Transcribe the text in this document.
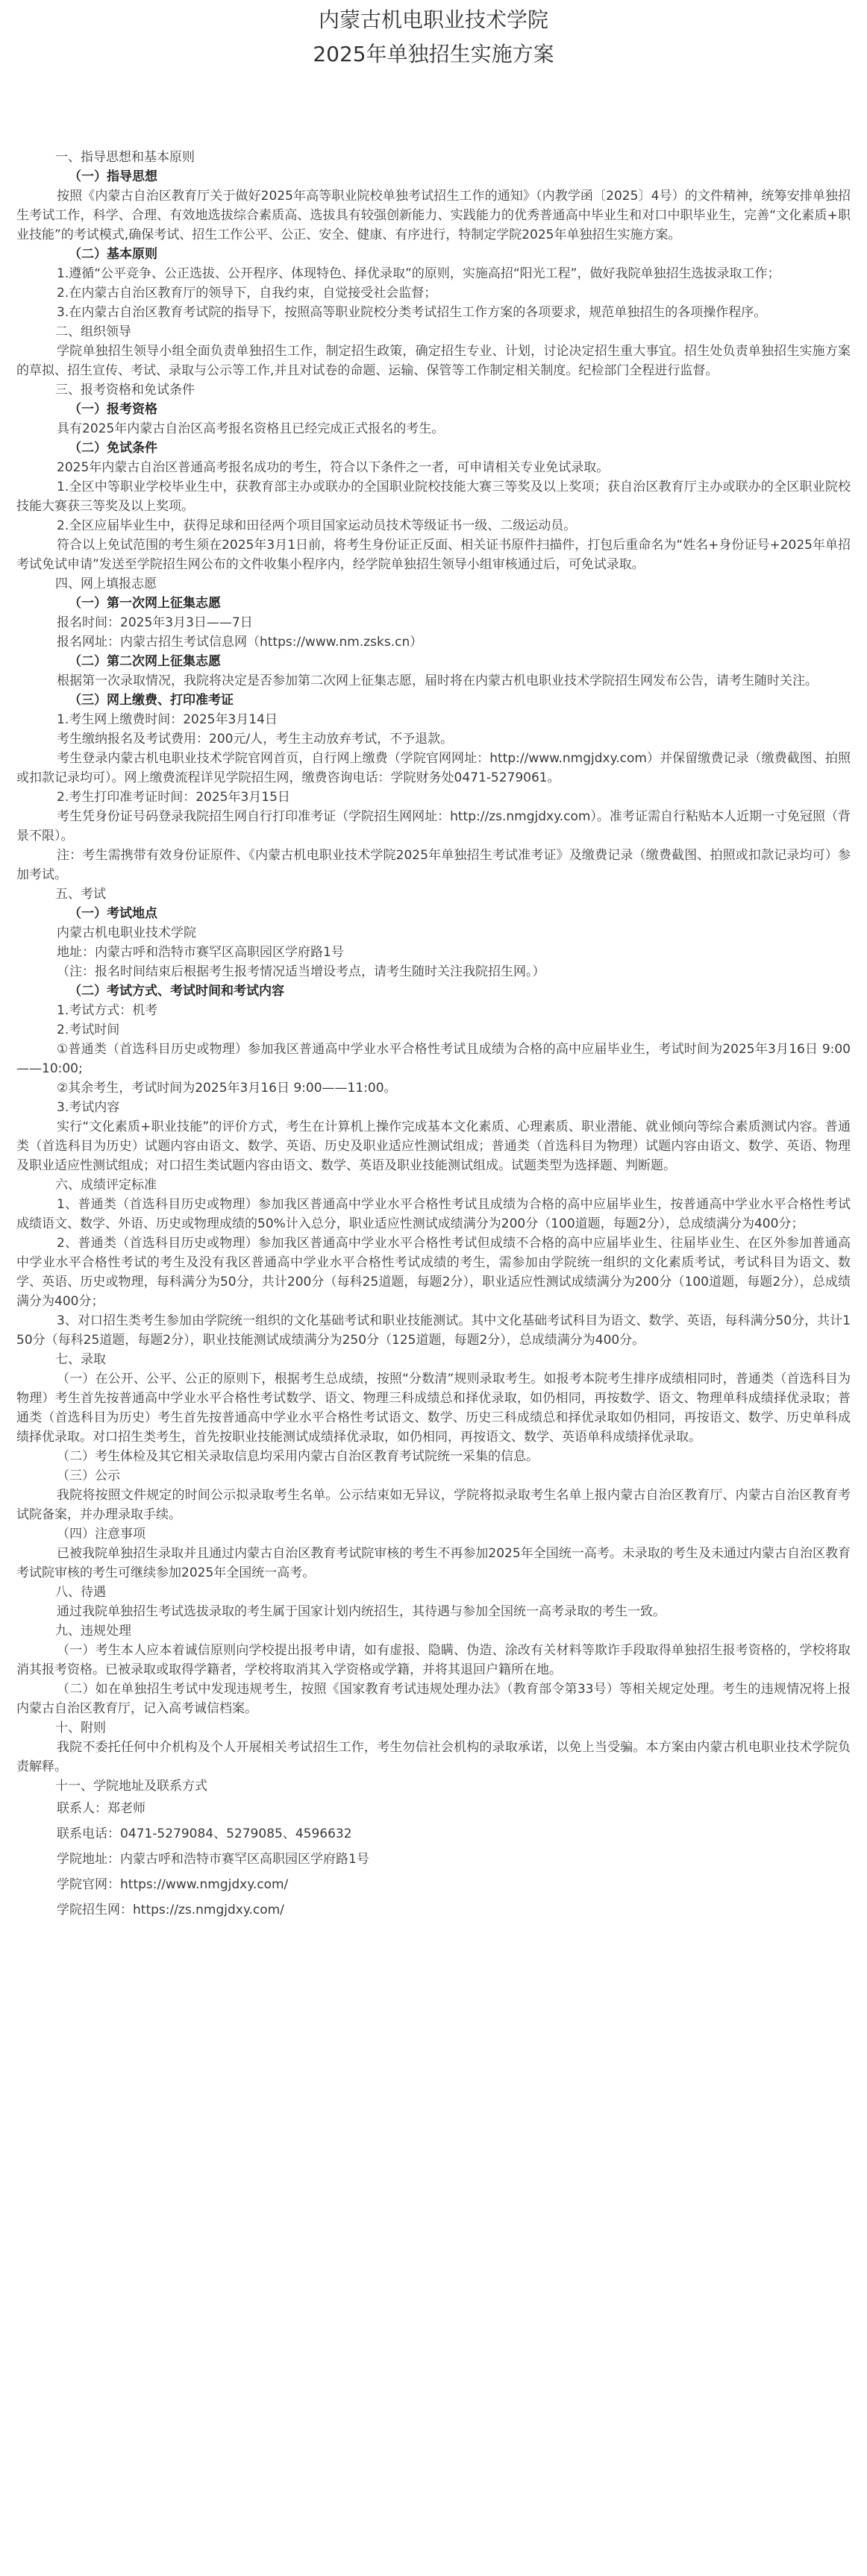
内蒙古机电职业技术学院
2025年单独招生实施方案

一、指导思想和基本原则

（一）指导思想

按照《内蒙古自治区教育厅关于做好2025年高等职业院校单独考试招生工作的通知》（内教学函〔2025〕4号）的文件精神，统筹安排单独招生考试工作，科学、合理、有效地选拔综合素质高、选拔具有较强创新能力、实践能力的优秀普通高中毕业生和对口中职毕业生，完善“文化素质+职业技能”的考试模式,确保考试、招生工作公平、公正、安全、健康、有序进行，特制定学院2025年单独招生实施方案。

（二）基本原则

1.遵循“公平竞争、公正选拔、公开程序、体现特色、择优录取”的原则，实施高招“阳光工程”，做好我院单独招生选拔录取工作；

2.在内蒙古自治区教育厅的领导下，自我约束，自觉接受社会监督；

3.在内蒙古自治区教育考试院的指导下，按照高等职业院校分类考试招生工作方案的各项要求，规范单独招生的各项操作程序。

二、组织领导

学院单独招生领导小组全面负责单独招生工作，制定招生政策，确定招生专业、计划，讨论决定招生重大事宜。招生处负责单独招生实施方案的草拟、招生宣传、考试、录取与公示等工作,并且对试卷的命题、运输、保管等工作制定相关制度。纪检部门全程进行监督。

三、报考资格和免试条件

（一）报考资格

具有2025年内蒙古自治区高考报名资格且已经完成正式报名的考生。

（二）免试条件

2025年内蒙古自治区普通高考报名成功的考生，符合以下条件之一者，可申请相关专业免试录取。

1.全区中等职业学校毕业生中，获教育部主办或联办的全国职业院校技能大赛三等奖及以上奖项；获自治区教育厅主办或联办的全区职业院校技能大赛获三等奖及以上奖项。

2.全区应届毕业生中，获得足球和田径两个项目国家运动员技术等级证书一级、二级运动员。

符合以上免试范围的考生须在2025年3月1日前，将考生身份证正反面、相关证书原件扫描件，打包后重命名为“姓名+身份证号+2025年单招考试免试申请”发送至学院招生网公布的文件收集小程序内，经学院单独招生领导小组审核通过后，可免试录取。

四、网上填报志愿

（一）第一次网上征集志愿

报名时间：2025年3月3日——7日

报名网址：内蒙古招生考试信息网（https://www.nm.zsks.cn）

（二）第二次网上征集志愿

根据第一次录取情况，我院将决定是否参加第二次网上征集志愿，届时将在内蒙古机电职业技术学院招生网发布公告，请考生随时关注。

（三）网上缴费、打印准考证

1.考生网上缴费时间：2025年3月14日

考生缴纳报名及考试费用：200元/人，考生主动放弃考试，不予退款。

考生登录内蒙古机电职业技术学院官网首页，自行网上缴费（学院官网网址：http://www.nmgjdxy.com）并保留缴费记录（缴费截图、拍照或扣款记录均可）。网上缴费流程详见学院招生网，缴费咨询电话：学院财务处0471-5279061。

2.考生打印准考证时间：2025年3月15日

考生凭身份证号码登录我院招生网自行打印准考证（学院招生网网址：http://zs.nmgjdxy.com）。准考证需自行粘贴本人近期一寸免冠照（背景不限）。

注：考生需携带有效身份证原件、《内蒙古机电职业技术学院2025年单独招生考试准考证》及缴费记录（缴费截图、拍照或扣款记录均可）参加考试。

五、考试

（一）考试地点

内蒙古机电职业技术学院

地址：内蒙古呼和浩特市赛罕区高职园区学府路1号

（注：报名时间结束后根据考生报考情况适当增设考点，请考生随时关注我院招生网。）

（二）考试方式、考试时间和考试内容

1.考试方式：机考

2.考试时间

①普通类（首选科目历史或物理）参加我区普通高中学业水平合格性考试且成绩为合格的高中应届毕业生，考试时间为2025年3月16日 9:00——10:00;

②其余考生，考试时间为2025年3月16日 9:00——11:00。

3.考试内容

实行“文化素质+职业技能”的评价方式，考生在计算机上操作完成基本文化素质、心理素质、职业潜能、就业倾向等综合素质测试内容。普通类（首选科目为历史）试题内容由语文、数学、英语、历史及职业适应性测试组成；普通类（首选科目为物理）试题内容由语文、数学、英语、物理及职业适应性测试组成；对口招生类试题内容由语文、数学、英语及职业技能测试组成。试题类型为选择题、判断题。

六、成绩评定标准

1、普通类（首选科目历史或物理）参加我区普通高中学业水平合格性考试且成绩为合格的高中应届毕业生，按普通高中学业水平合格性考试成绩语文、数学、外语、历史或物理成绩的50%计入总分，职业适应性测试成绩满分为200分（100道题，每题2分），总成绩满分为400分；

2、普通类（首选科目历史或物理）参加我区普通高中学业水平合格性考试但成绩不合格的高中应届毕业生、往届毕业生、在区外参加普通高中学业水平合格性考试的考生及没有我区普通高中学业水平合格性考试成绩的考生，需参加由学院统一组织的文化素质考试，考试科目为语文、数学、英语、历史或物理，每科满分为50分，共计200分（每科25道题，每题2分），职业适应性测试成绩满分为200分（100道题，每题2分），总成绩满分为400分；

3、对口招生类考生参加由学院统一组织的文化基础考试和职业技能测试。其中文化基础考试科目为语文、数学、英语，每科满分50分，共计150分（每科25道题，每题2分），职业技能测试成绩满分为250分（125道题，每题2分），总成绩满分为400分。

七、录取

（一）在公开、公平、公正的原则下，根据考生总成绩，按照“分数清”规则录取考生。如报考本院考生排序成绩相同时，普通类（首选科目为物理）考生首先按普通高中学业水平合格性考试数学、语文、物理三科成绩总和择优录取，如仍相同，再按数学、语文、物理单科成绩择优录取；普通类（首选科目为历史）考生首先按普通高中学业水平合格性考试语文、数学、历史三科成绩总和择优录取如仍相同，再按语文、数学、历史单科成绩择优录取。对口招生类考生，首先按职业技能测试成绩择优录取，如仍相同，再按语文、数学、英语单科成绩择优录取。

（二）考生体检及其它相关录取信息均采用内蒙古自治区教育考试院统一采集的信息。

（三）公示

我院将按照文件规定的时间公示拟录取考生名单。公示结束如无异议，学院将拟录取考生名单上报内蒙古自治区教育厅、内蒙古自治区教育考试院备案，并办理录取手续。

（四）注意事项

已被我院单独招生录取并且通过内蒙古自治区教育考试院审核的考生不再参加2025年全国统一高考。未录取的考生及未通过内蒙古自治区教育考试院审核的考生可继续参加2025年全国统一高考。

八、待遇

通过我院单独招生考试选拔录取的考生属于国家计划内统招生，其待遇与参加全国统一高考录取的考生一致。

九、违规处理

（一）考生本人应本着诚信原则向学校提出报考申请，如有虚报、隐瞒、伪造、涂改有关材料等欺诈手段取得单独招生报考资格的，学校将取消其报考资格。已被录取或取得学籍者，学校将取消其入学资格或学籍，并将其退回户籍所在地。

（二）如在单独招生考试中发现违规考生，按照《国家教育考试违规处理办法》（教育部令第33号）等相关规定处理。考生的违规情况将上报内蒙古自治区教育厅，记入高考诚信档案。

十、附则

我院不委托任何中介机构及个人开展相关考试招生工作，考生勿信社会机构的录取承诺，以免上当受骗。本方案由内蒙古机电职业技术学院负责解释。

十一、学院地址及联系方式

联系人：郑老师

联系电话：0471-5279084、5279085、4596632

学院地址：内蒙古呼和浩特市赛罕区高职园区学府路1号

学院官网：https://www.nmgjdxy.com/

学院招生网：https://zs.nmgjdxy.com/
